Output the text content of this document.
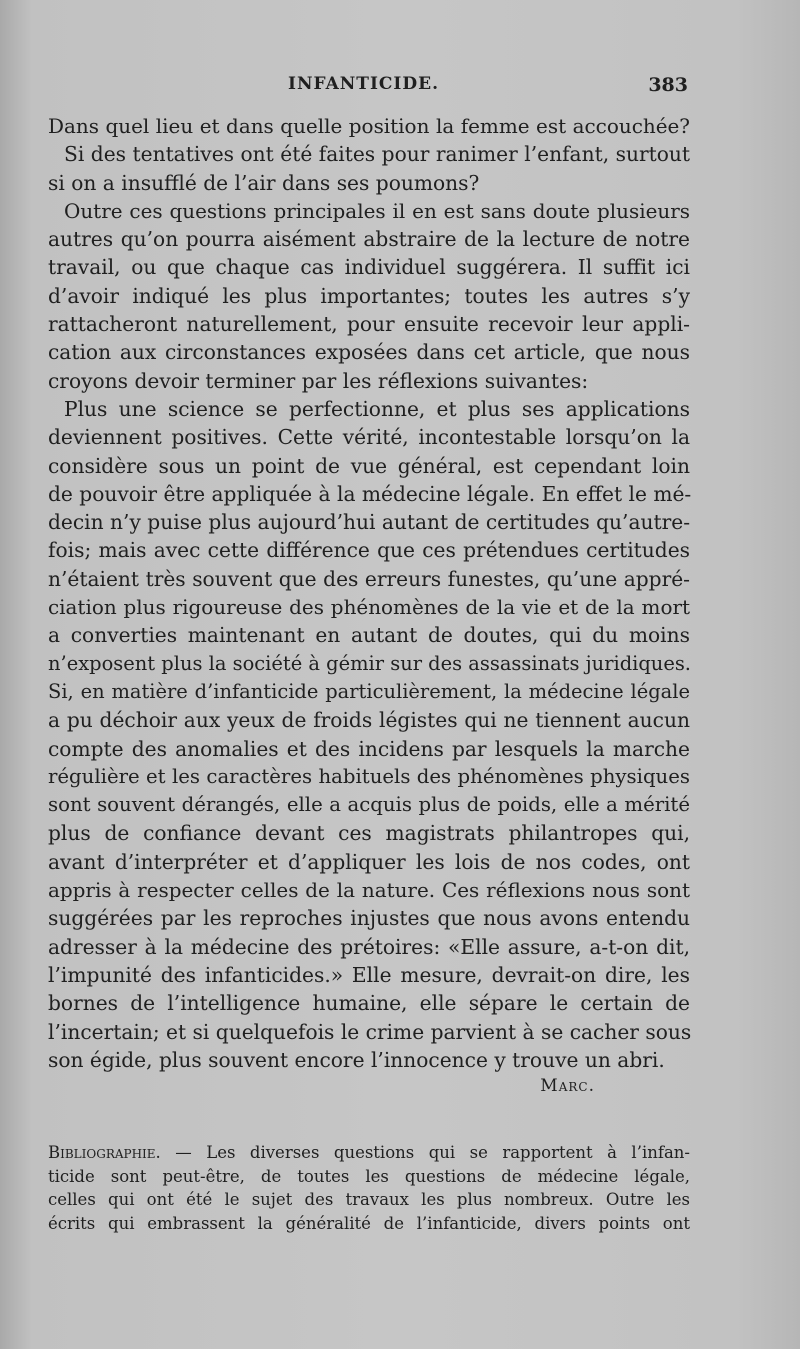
INFANTICIDE.	383
Dans quel lieu et dans quelle position la femme est accouchée?
Si des tentatives ont été faites pour ranimer l’enfant, surtout
si on a insufflé de l’air dans ses poumons?
Outre ces questions principales il en est sans doute plusieurs
autres qu’on pourra aisément abstraire de la lecture de notre
travail, ou que chaque cas individuel suggérera. Il suffit ici
d’avoir indiqué les plus importantes; toutes les autres s’y
rattacheront naturellement, pour ensuite recevoir leur appli-
cation aux circonstances exposées dans cet article, que nous
croyons devoir terminer par les réflexions suivantes:
Plus une science se perfectionne, et plus ses applications
deviennent positives. Cette vérité, incontestable lorsqu’on la
considère sous un point de vue général, est cependant loin
de pouvoir être appliquée à la médecine légale. En effet le mé-
decin n’y puise plus aujourd’hui autant de certitudes qu’autre-
fois; mais avec cette différence que ces prétendues certitudes
n’étaient très souvent que des erreurs funestes, qu’une appré-
ciation plus rigoureuse des phénomènes de la vie et de la mort
a converties maintenant en autant de doutes, qui du moins
n’exposent plus la société à gémir sur des assassinats juridiques.
Si, en matière d’infanticide particulièrement, la médecine légale
a pu déchoir aux yeux de froids légistes qui ne tiennent aucun
compte des anomalies et des incidens par lesquels la marche
régulière et les caractères habituels des phénomènes physiques
sont souvent dérangés, elle a acquis plus de poids, elle a mérité
plus de confiance devant ces magistrats philantropes qui,
avant d’interpréter et d’appliquer les lois de nos codes, ont
appris à respecter celles de la nature. Ces réflexions nous sont
suggérées par les reproches injustes que nous avons entendu
adresser à la médecine des prétoires: «Elle assure, a-t-on dit,
l’impunité des infanticides.» Elle mesure, devrait-on dire, les
bornes de l’intelligence humaine, elle sépare le certain de
l’incertain; et si quelquefois le crime parvient à se cacher sous
son égide, plus souvent encore l’innocence y trouve un abri.
Marc.
Bibliographie. — Les diverses questions qui se rapportent à l’infan-
ticide sont peut-être, de toutes les questions de médecine légale,
celles qui ont été le sujet des travaux les plus nombreux. Outre les
écrits qui embrassent la généralité de l’infanticide, divers points ont
